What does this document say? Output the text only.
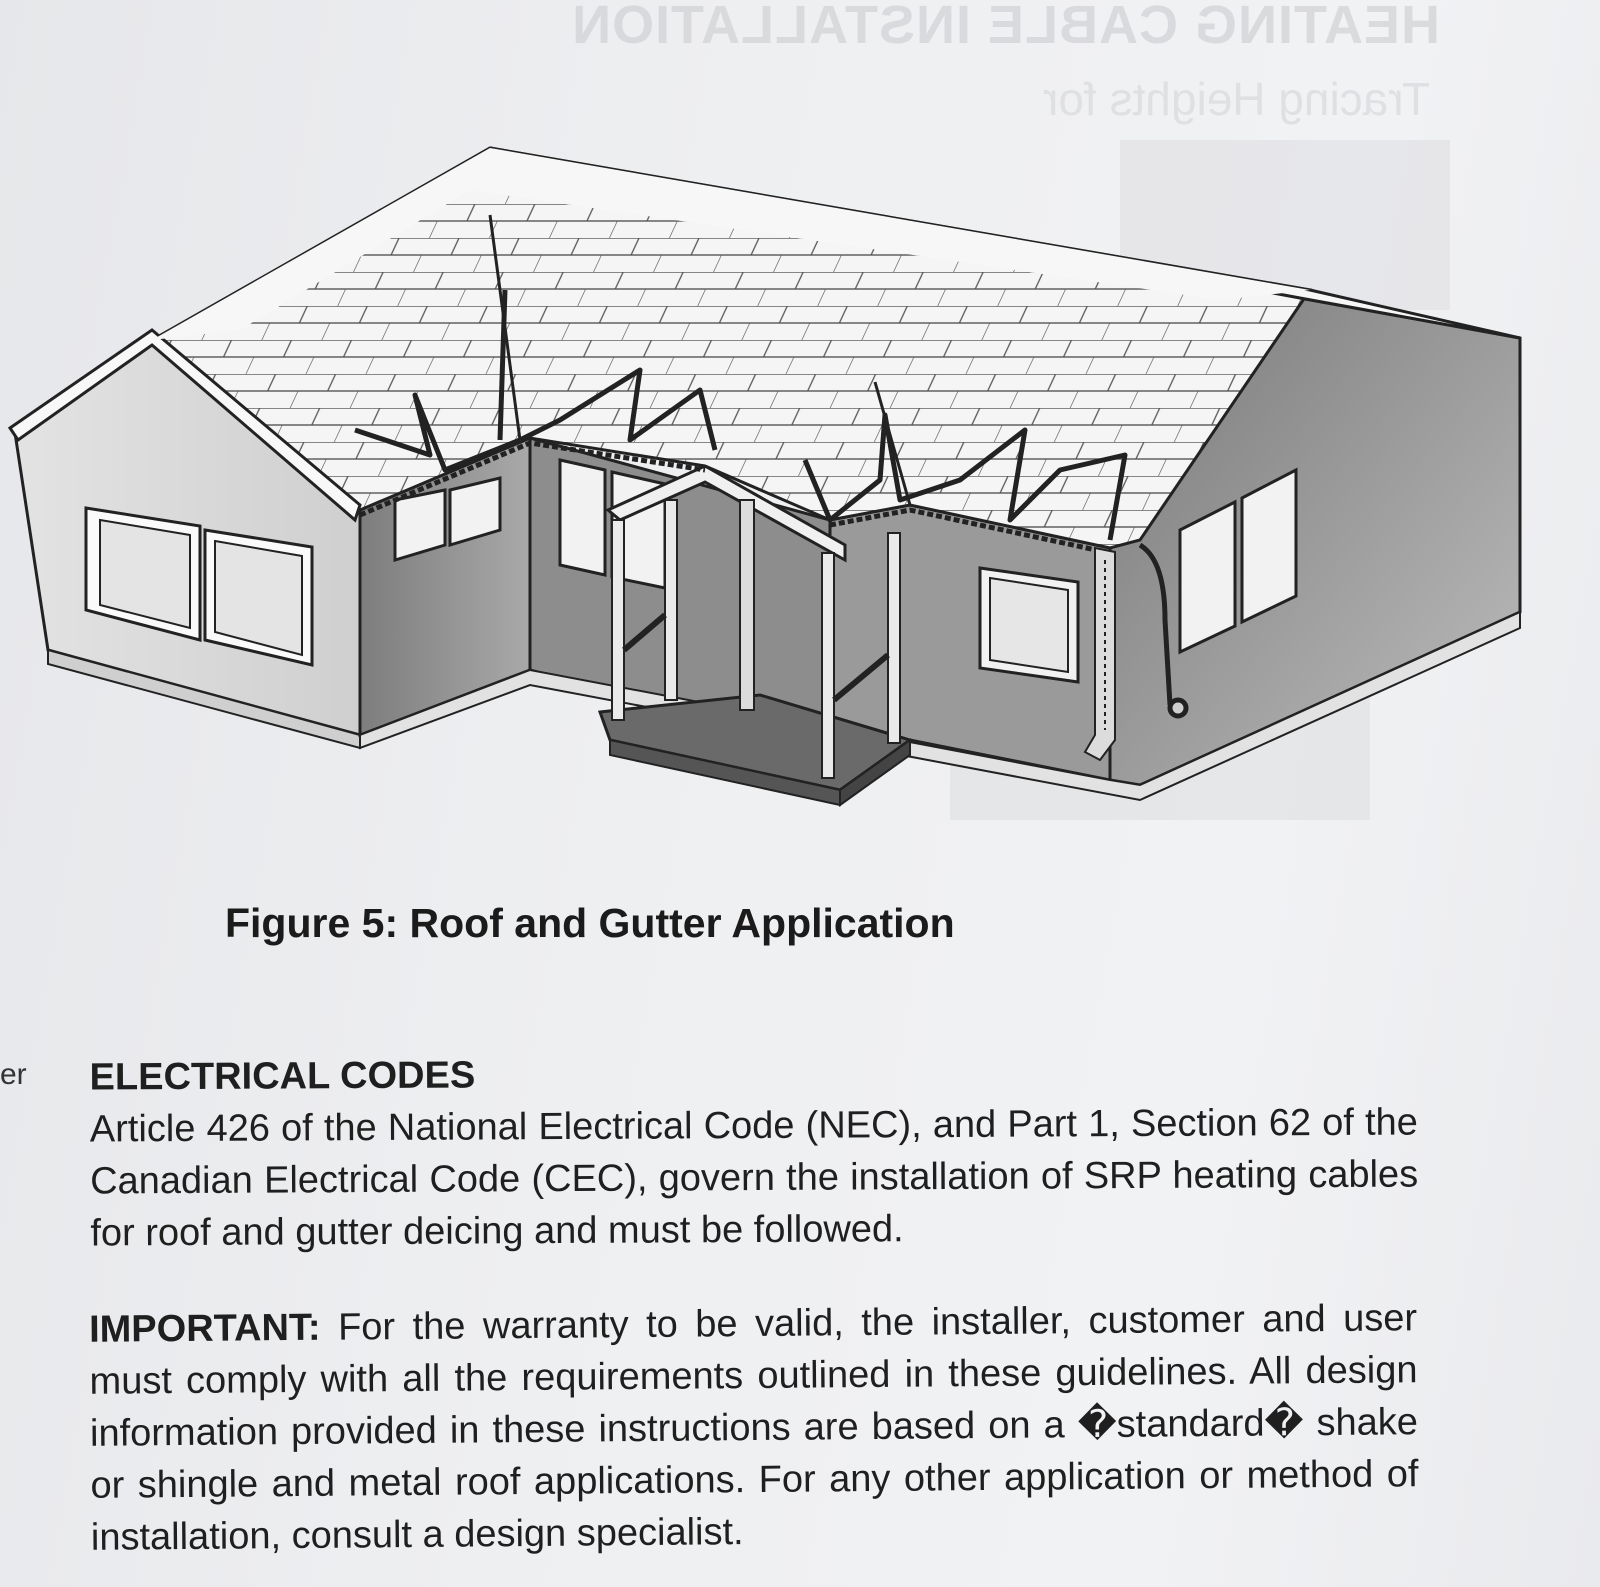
HEATING CABLE INSTALLATION
Tracing Heights for
Figure 5: Roof and Gutter Application
er ELECTRICAL CODES
Article 426 of the National Electrical Code (NEC), and Part 1, Section 62 of the Canadian Electrical Code (CEC), govern the installation of SRP heating cables for roof and gutter deicing and must be followed.
IMPORTANT: For the warranty to be valid, the installer, customer and user must comply with all the requirements outlined in these guidelines. All design information provided in these instructions are based on a �standard� shake or shingle and metal roof applications. For any other application or method of installation, consult a design specialist.
